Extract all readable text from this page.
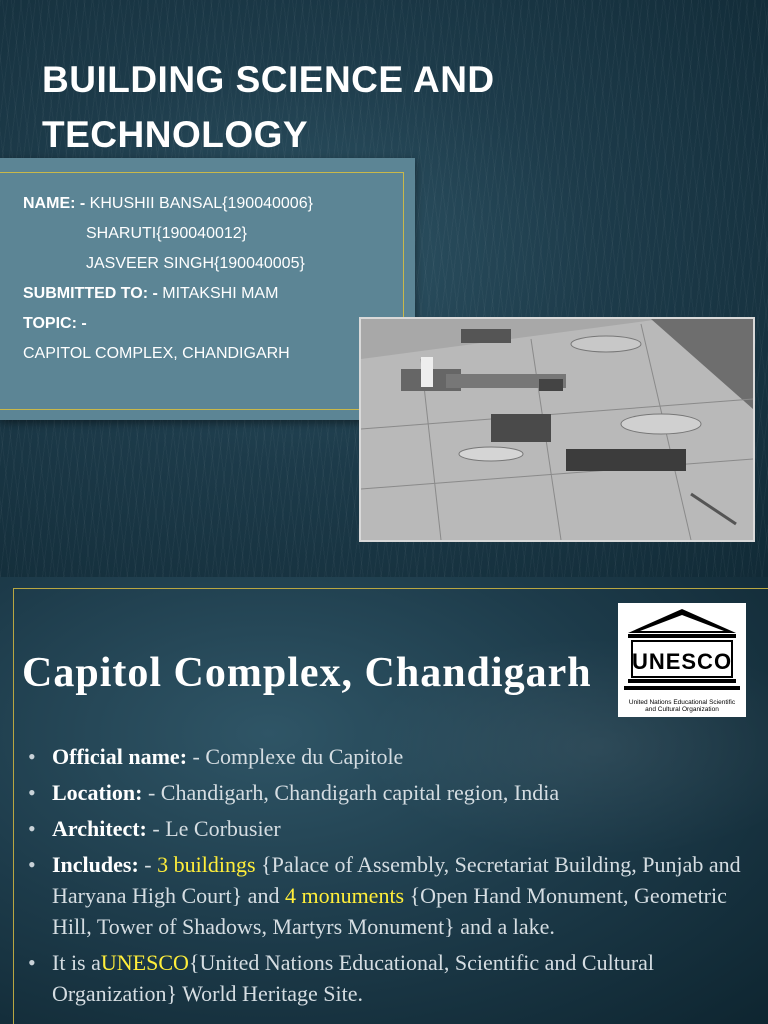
BUILDING SCIENCE AND
TECHNOLOGY
NAME: - KHUSHII BANSAL{190040006}
SHARUTI{190040012}
JASVEER SINGH{190040005}
SUBMITTED TO: - MITAKSHI MAM
TOPIC: -
CAPITOL COMPLEX, CHANDIGARH
Capitol Complex, Chandigarh UNESCO
United Nations Educational Scientific
and Cultural Organization
• Official name: - Complexe du Capitole
• Location: - Chandigarh, Chandigarh capital region, India
• Architect: - Le Corbusier
• Includes: - 3 buildings {Palace of Assembly, Secretariat Building, Punjab and Haryana High Court} and 4 monuments {Open Hand Monument, Geometric Hill, Tower of Shadows, Martyrs Monument} and a lake.
• It is aUNESCO{United Nations Educational, Scientific and Cultural Organization} World Heritage Site.
